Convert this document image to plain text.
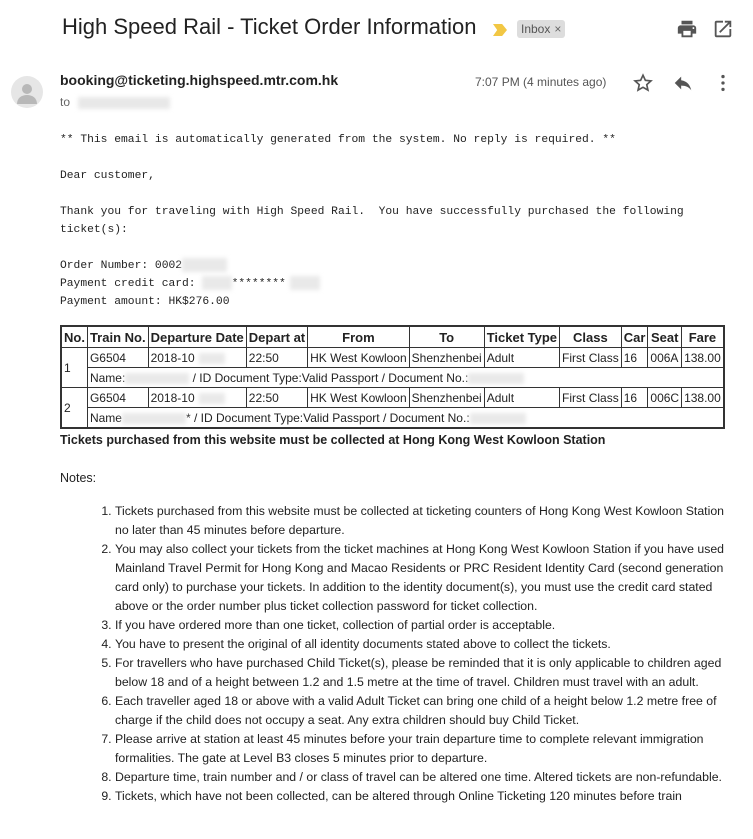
High Speed Rail - Ticket Order Information	Inbox ×
booking@ticketing.highspeed.mtr.com.hk
to
7:07 PM (4 minutes ago)
** This email is automatically generated from the system. No reply is required. **
Dear customer,
Thank you for traveling with High Speed Rail.  You have successfully purchased the following
ticket(s):
Order Number: 0002
Payment credit card:	********
Payment amount: HK$276.00
No.	Train No.	Departure Date	Depart at	From	To	Ticket Type	Class	Car	Seat	Fare
1	G6504	2018-10	22:50	HK West Kowloon	Shenzhenbei	Adult	First Class	16	006A	138.00
	Name: / ID Document Type:Valid Passport / Document No.:									
2	G6504	2018-10	22:50	HK West Kowloon	Shenzhenbei	Adult	First Class	16	006C	138.00
	Name * / ID Document Type:Valid Passport / Document No.:									
Tickets purchased from this website must be collected at Hong Kong West Kowloon Station
Notes:
1. Tickets purchased from this website must be collected at ticketing counters of Hong Kong West Kowloon Station no later than 45 minutes before departure.
2. You may also collect your tickets from the ticket machines at Hong Kong West Kowloon Station if you have used Mainland Travel Permit for Hong Kong and Macao Residents or PRC Resident Identity Card (second generation card only) to purchase your tickets. In addition to the identity document(s), you must use the credit card stated above or the order number plus ticket collection password for ticket collection.
3. If you have ordered more than one ticket, collection of partial order is acceptable.
4. You have to present the original of all identity documents stated above to collect the tickets.
5. For travellers who have purchased Child Ticket(s), please be reminded that it is only applicable to children aged below 18 and of a height between 1.2 and 1.5 metre at the time of travel. Children must travel with an adult.
6. Each traveller aged 18 or above with a valid Adult Ticket can bring one child of a height below 1.2 metre free of charge if the child does not occupy a seat. Any extra children should buy Child Ticket.
7. Please arrive at station at least 45 minutes before your train departure time to complete relevant immigration formalities. The gate at Level B3 closes 5 minutes prior to departure.
8. Departure time, train number and / or class of travel can be altered one time. Altered tickets are non-refundable.
9. Tickets, which have not been collected, can be altered through Online Ticketing 120 minutes before train
